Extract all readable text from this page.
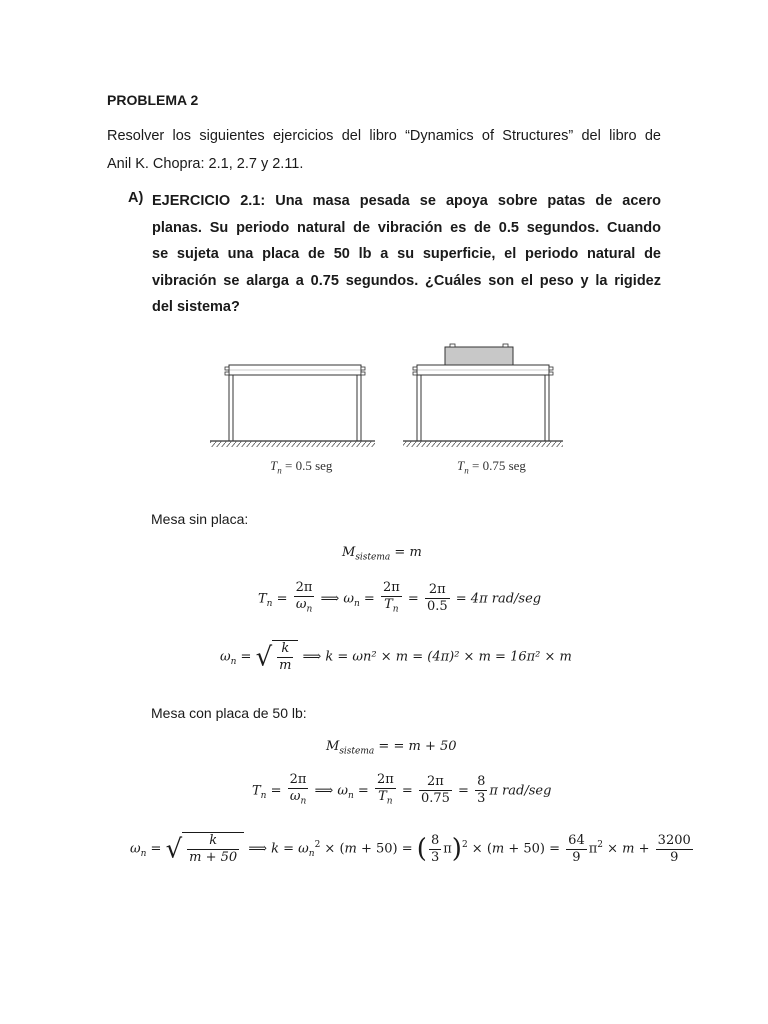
PROBLEMA 2
Resolver los siguientes ejercicios del libro “Dynamics of Structures” del libro de
Anil K. Chopra: 2.1, 2.7 y 2.11.
A) EJERCICIO 2.1: Una masa pesada se apoya sobre patas de acero
planas. Su periodo natural de vibración es de 0.5 segundos. Cuando
se sujeta una placa de 50 lb a su superficie, el periodo natural de
vibración se alarga a 0.75 segundos. ¿Cuáles son el peso y la rigidez
del sistema?
$T_n = 0.5$ seg	$T_n = 0.75$ seg
Mesa sin placa:
$M_{sistema} = m$
$T_n = \frac{2\pi}{\omega_n}$ ⟹ $\omega_n = \frac{2\pi}{T_n} = \frac{2\pi}{0.5} = 4\pi$ rad/seg
$\omega_n$ = √ $\frac{k}{m}$ ⟹ k = ωn² × m = (4π)² × m = 16π² × m
Mesa con placa de 50 lb:
$M_{sistema}$ = = m + 50
$T_n = \frac{2\pi}{\omega_n}$ ⟹ $\omega_n = \frac{2\pi}{T_n} = \frac{2\pi}{0.75} = \frac{8}{3}$ π rad/seg
$\omega_n$ = √ $\frac{k}{m + 50}$ ⟹ $k = \omega_n^2 \times (m + 50)$ = ( $\frac{8}{3} \pi)^2 \times (m + 50) = \frac{64}{9} \pi^2 \times m + \frac{3200}{9}$
